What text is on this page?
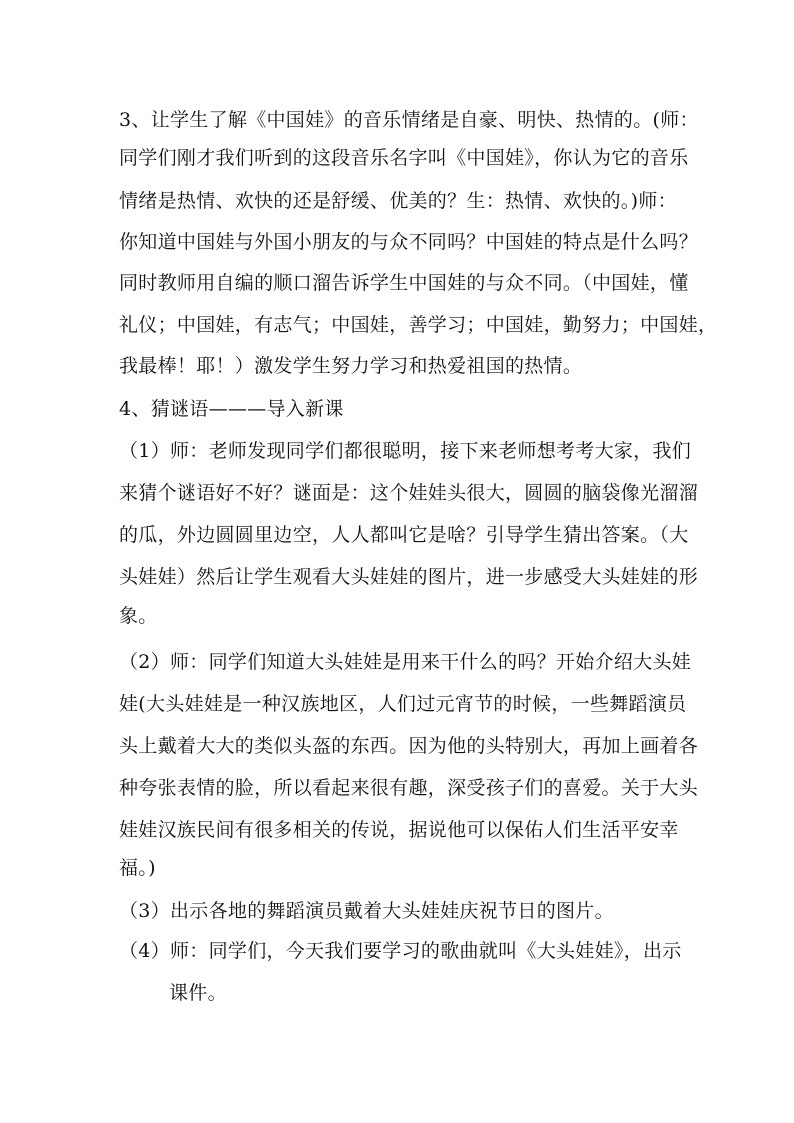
3、让学生了解《中国娃》的音乐情绪是自豪、明快、热情的。(师：
同学们刚才我们听到的这段音乐名字叫《中国娃》，你认为它的音乐
情绪是热情、欢快的还是舒缓、优美的？生：热情、欢快的。)师：
你知道中国娃与外国小朋友的与众不同吗？中国娃的特点是什么吗？
同时教师用自编的顺口溜告诉学生中国娃的与众不同。（中国娃，懂
礼仪；中国娃，有志气；中国娃，善学习；中国娃，勤努力；中国娃，
我最棒！耶！）激发学生努力学习和热爱祖国的热情。
4、猜谜语———导入新课
（1）师：老师发现同学们都很聪明，接下来老师想考考大家，我们
来猜个谜语好不好？谜面是：这个娃娃头很大，圆圆的脑袋像光溜溜
的瓜，外边圆圆里边空，人人都叫它是啥？引导学生猜出答案。（大
头娃娃）然后让学生观看大头娃娃的图片，进一步感受大头娃娃的形
象。
（2）师：同学们知道大头娃娃是用来干什么的吗？开始介绍大头娃
娃(大头娃娃是一种汉族地区，人们过元宵节的时候，一些舞蹈演员
头上戴着大大的类似头盔的东西。因为他的头特别大，再加上画着各
种夸张表情的脸，所以看起来很有趣，深受孩子们的喜爱。关于大头
娃娃汉族民间有很多相关的传说，据说他可以保佑人们生活平安幸
福。)
（3）出示各地的舞蹈演员戴着大头娃娃庆祝节日的图片。
（4）师：同学们，今天我们要学习的歌曲就叫《大头娃娃》，出示
课件。
